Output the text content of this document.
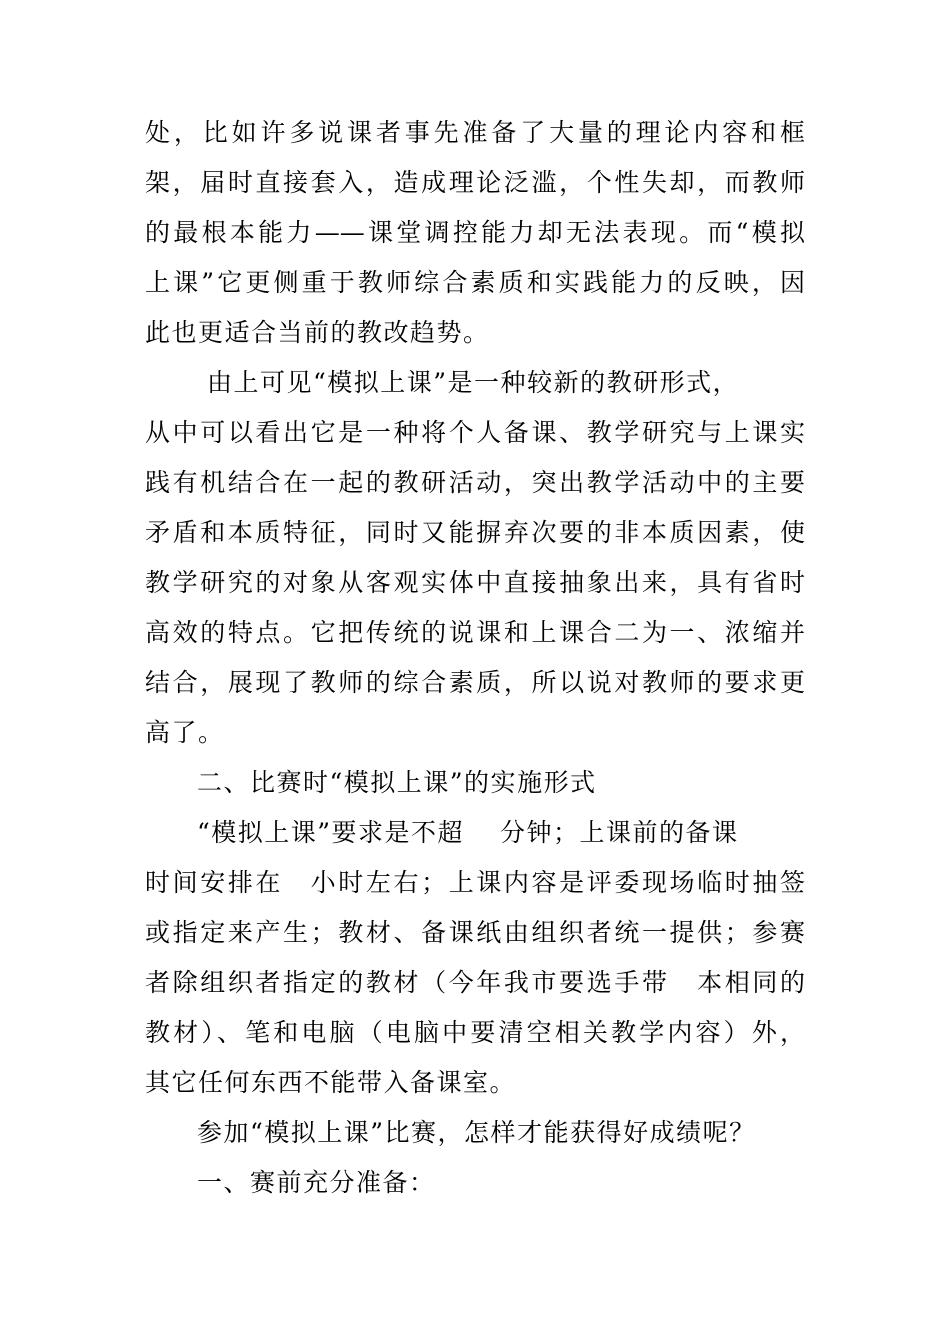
处，比如许多说课者事先准备了大量的理论内容和框
架，届时直接套入，造成理论泛滥，个性失却，而教师
的最根本能力——课堂调控能力却无法表现。而“模拟
上课”它更侧重于教师综合素质和实践能力的反映，因
此也更适合当前的教改趋势。
由上可见“模拟上课”是一种较新的教研形式，
从中可以看出它是一种将个人备课、教学研究与上课实
践有机结合在一起的教研活动，突出教学活动中的主要
矛盾和本质特征，同时又能摒弃次要的非本质因素，使
教学研究的对象从客观实体中直接抽象出来，具有省时
高效的特点。它把传统的说课和上课合二为一、浓缩并
结合，展现了教师的综合素质，所以说对教师的要求更
高了。
二、比赛时“模拟上课”的实施形式
“模拟上课”要求是不超　 分钟；上课前的备课
时间安排在　小时左右；上课内容是评委现场临时抽签
或指定来产生；教材、备课纸由组织者统一提供；参赛
者除组织者指定的教材（今年我市要选手带　本相同的
教材）、笔和电脑（电脑中要清空相关教学内容）外，
其它任何东西不能带入备课室。
参加“模拟上课”比赛，怎样才能获得好成绩呢？
一、赛前充分准备：
